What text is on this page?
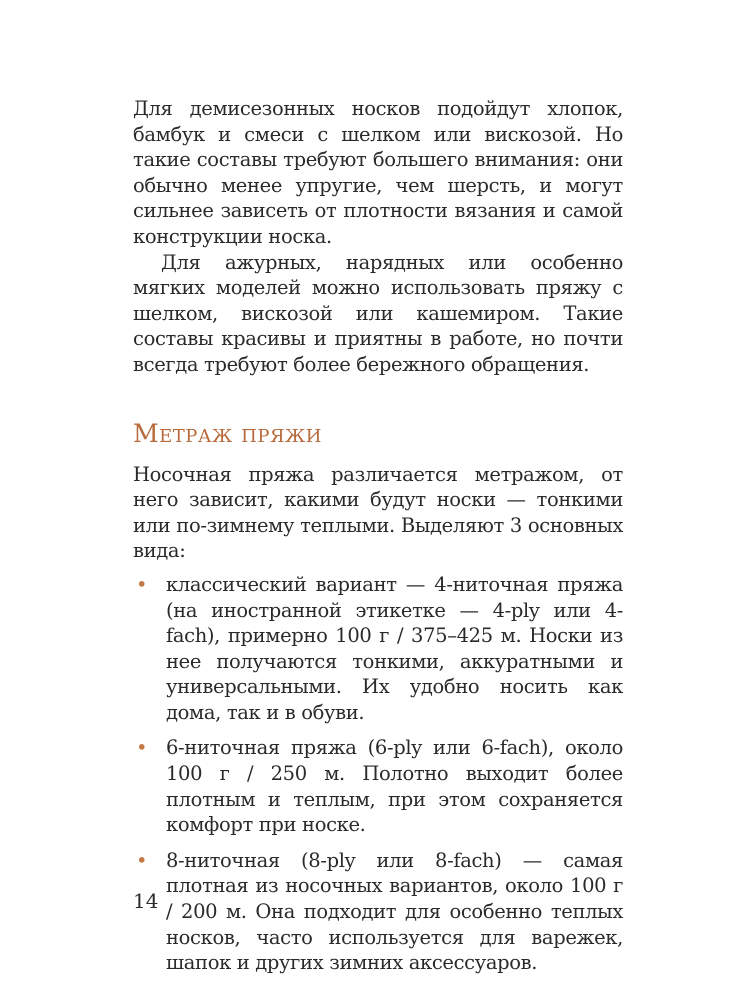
Для демисезонных носков подойдут хлопок, бамбук и смеси с шелком или вискозой. Но такие составы требуют большего внимания: они обычно менее упругие, чем шерсть, и могут сильнее зависеть от плотности вязания и самой конструкции носка.

Для ажурных, нарядных или особенно мягких моделей можно использовать пряжу с шелком, вискозой или кашемиром. Такие составы красивы и приятны в работе, но почти всегда требуют более бережного обращения.

Метраж пряжи

Носочная пряжа различается метражом, от него зависит, какими будут носки — тонкими или по-зимнему теплыми. Выделяют 3 основных вида:

• классический вариант — 4-ниточная пряжа (на иностранной этикетке — 4-ply или 4-fach), примерно 100 г / 375–425 м. Носки из нее получаются тонкими, аккуратными и универсальными. Их удобно носить как дома, так и в обуви.

• 6-ниточная пряжа (6-ply или 6-fach), около 100 г / 250 м. Полотно выходит более плотным и теплым, при этом сохраняется комфорт при носке.

• 8-ниточная (8-ply или 8-fach) — самая плотная из носочных вариантов, около 100 г / 200 м. Она подходит для особенно теплых носков, часто используется для варежек, шапок и других зимних аксессуаров.

14
